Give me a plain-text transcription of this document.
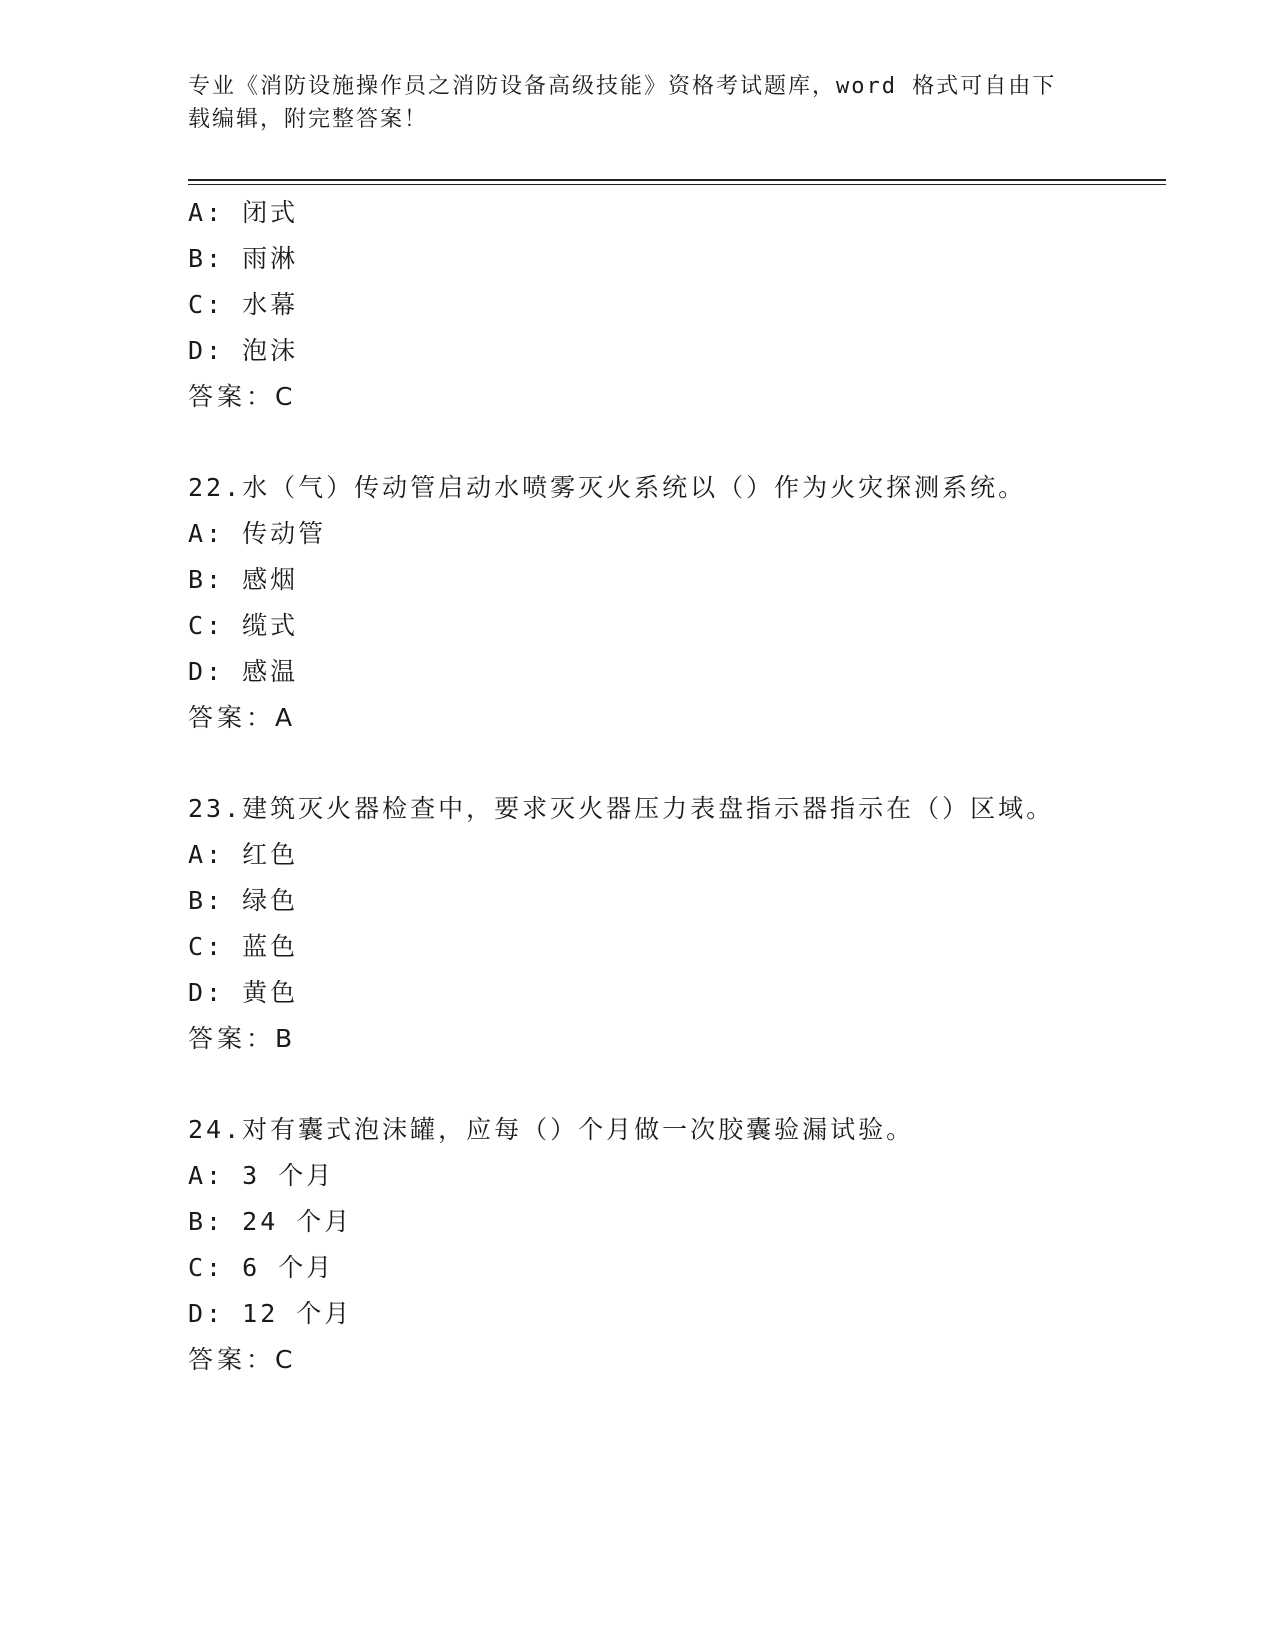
专业《消防设施操作员之消防设备高级技能》资格考试题库，word 格式可自由下
载编辑，附完整答案！
A: 闭式
B: 雨淋
C: 水幕
D: 泡沫
答案：C
22.水（气）传动管启动水喷雾灭火系统以（）作为火灾探测系统。
A: 传动管
B: 感烟
C: 缆式
D: 感温
答案：A
23.建筑灭火器检查中，要求灭火器压力表盘指示器指示在（）区域。
A: 红色
B: 绿色
C: 蓝色
D: 黄色
答案：B
24.对有囊式泡沫罐，应每（）个月做一次胶囊验漏试验。
A: 3 个月
B: 24 个月
C: 6 个月
D: 12 个月
答案：C
